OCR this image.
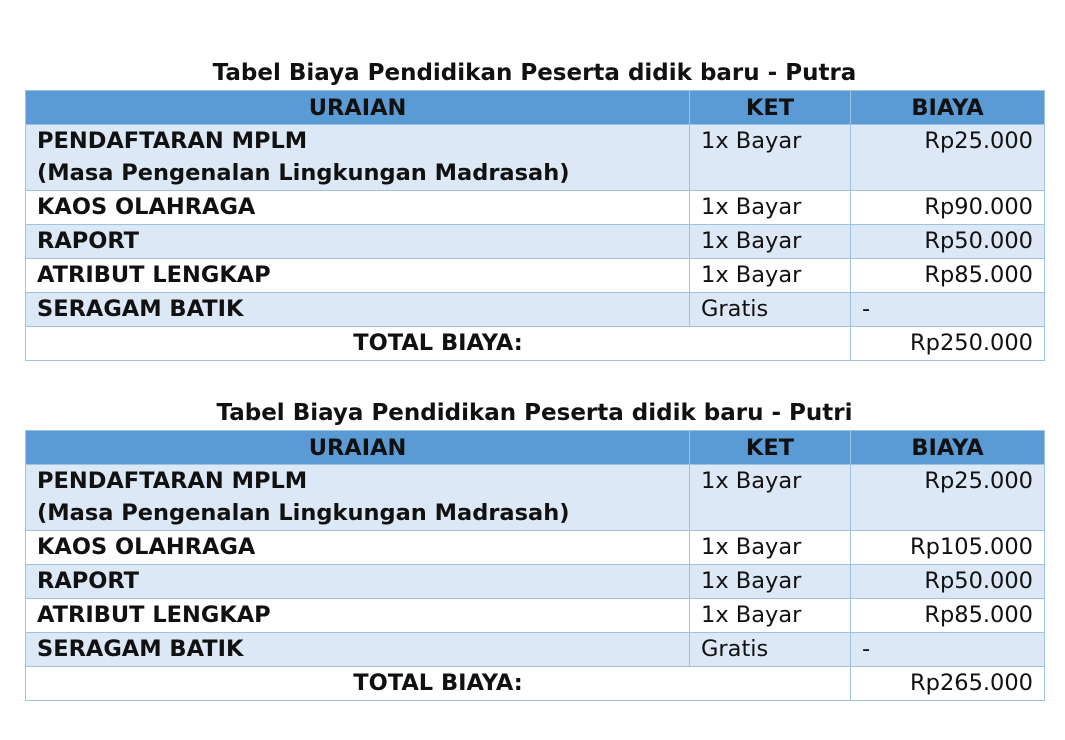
Tabel Biaya Pendidikan Peserta didik baru - Putra
URAIAN	KET	BIAYA
PENDAFTARAN MPLM
(Masa Pengenalan Lingkungan Madrasah)	1x Bayar	Rp25.000
KAOS OLAHRAGA	1x Bayar	Rp90.000
RAPORT	1x Bayar	Rp50.000
ATRIBUT LENGKAP	1x Bayar	Rp85.000
SERAGAM BATIK	Gratis	-
TOTAL BIAYA:		Rp250.000
Tabel Biaya Pendidikan Peserta didik baru - Putri
URAIAN	KET	BIAYA
PENDAFTARAN MPLM
(Masa Pengenalan Lingkungan Madrasah)	1x Bayar	Rp25.000
KAOS OLAHRAGA	1x Bayar	Rp105.000
RAPORT	1x Bayar	Rp50.000
ATRIBUT LENGKAP	1x Bayar	Rp85.000
SERAGAM BATIK	Gratis	-
TOTAL BIAYA:		Rp265.000
